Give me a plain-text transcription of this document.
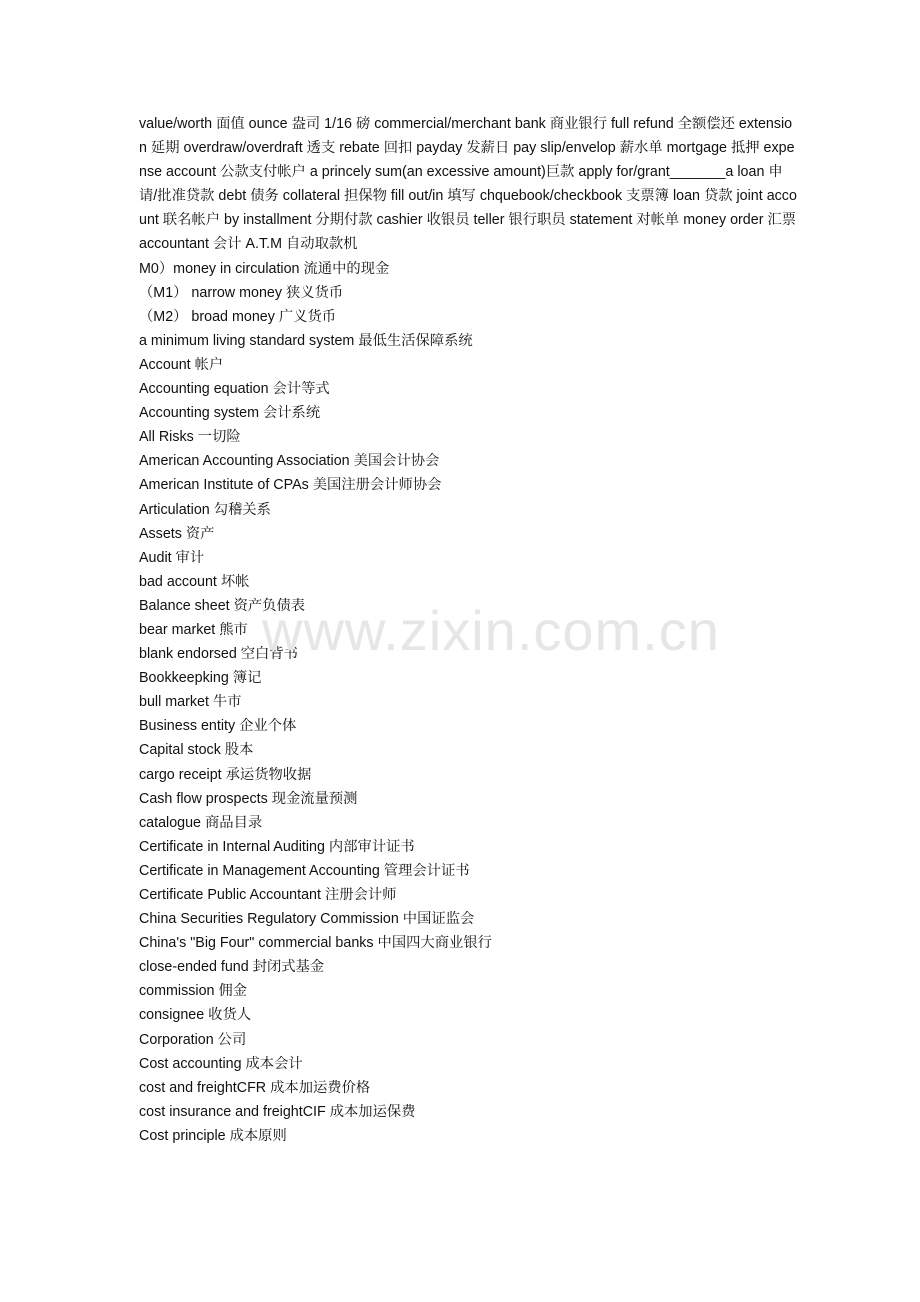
value/worth 面值 ounce 盎司 1/16 磅 commercial/merchant bank 商业银行 full refund 全额偿还 extension 延期 overdraw/overdraft 透支 rebate 回扣 payday 发薪日 pay slip/envelop 薪水单 mortgage 抵押 expense account 公款支付帐户 a princely sum(an excessive amount)巨款 apply for/grant_______a loan 申请/批准贷款 debt 债务 collateral 担保物 fill out/in 填写 chquebook/checkbook 支票簿 loan 贷款 joint account 联名帐户 by installment 分期付款 cashier 收银员 teller 银行职员 statement 对帐单 money order 汇票 accountant 会计 A.T.M 自动取款机

M0）money in circulation 流通中的现金
（M1） narrow money 狭义货币
（M2） broad money 广义货币
a minimum living standard system 最低生活保障系统
Account 帐户
Accounting equation 会计等式
Accounting system 会计系统
All Risks 一切险
American Accounting Association 美国会计协会
American Institute of CPAs 美国注册会计师协会
Articulation 勾稽关系
Assets 资产
Audit 审计
bad account 坏帐
Balance sheet 资产负债表
bear market 熊市
blank endorsed 空白背书
Bookkeepking 簿记
bull market 牛市
Business entity 企业个体
Capital stock 股本
cargo receipt 承运货物收据
Cash flow prospects 现金流量预测
catalogue 商品目录
Certificate in Internal Auditing 内部审计证书
Certificate in Management Accounting 管理会计证书
Certificate Public Accountant 注册会计师
China Securities Regulatory Commission 中国证监会
China's "Big Four" commercial banks 中国四大商业银行
close-ended fund 封闭式基金
commission 佣金
consignee 收货人
Corporation 公司
Cost accounting 成本会计
cost and freightCFR 成本加运费价格
cost insurance and freightCIF 成本加运保费
Cost principle 成本原则
www.zixin.com.cn
